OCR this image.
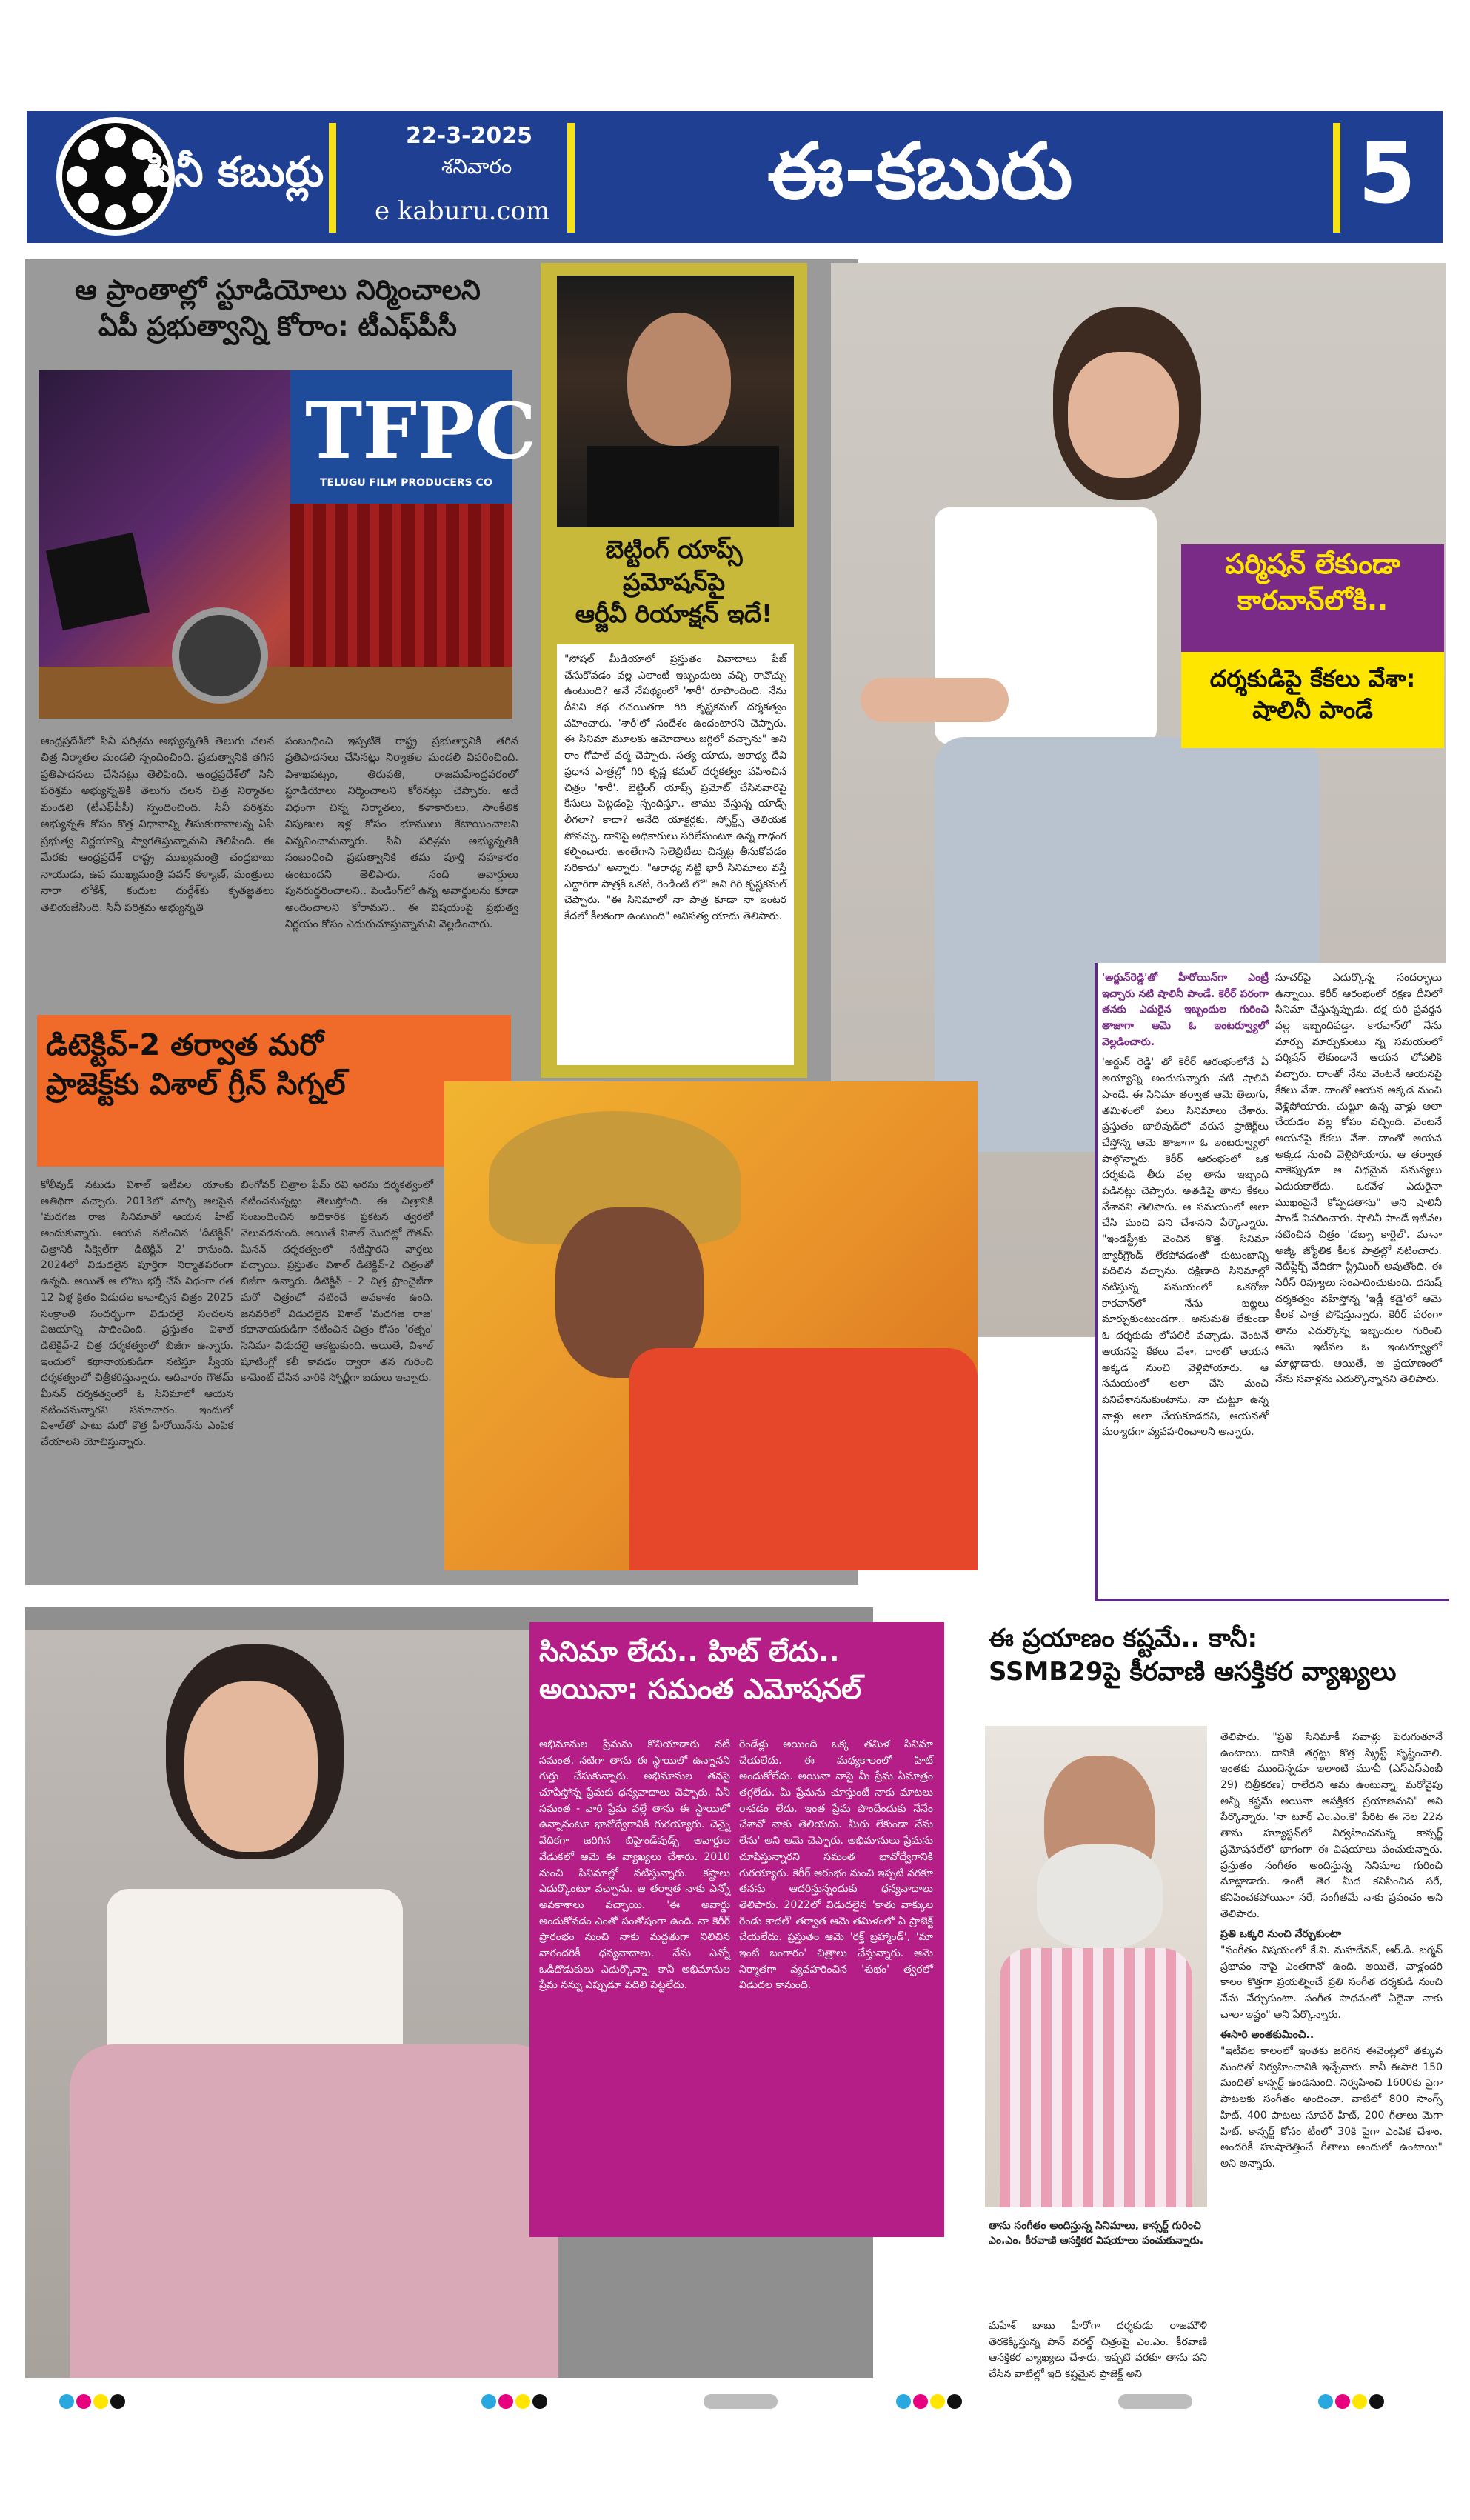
సినీ కబుర్లు
22-3-2025
శనివారం
e kaburu.com	ఈ-కబురు	5
ఆ ప్రాంతాల్లో స్టూడియోలు నిర్మించాలని
ఏపీ ప్రభుత్వాన్ని కోరాం: టీఎఫ్‌పీసీ
TFPC
TELUGU FILM PRODUCERS CO
ఆంధ్రప్రదేశ్‌లో సినీ పరిశ్రమ అభ్యున్నతికి తెలుగు చలన చిత్ర నిర్మాతల మండలి స్పందించింది. ప్రభుత్వానికి తగిన ప్రతిపాదనలు చేసినట్లు తెలిపింది. ఆంధ్రప్రదేశ్‌లో సినీ పరిశ్రమ అభ్యున్నతికి తెలుగు చలన చిత్ర నిర్మాతల మండలి (టీఎఫ్‌పీసీ) స్పందించింది. సినీ పరిశ్రమ అభ్యున్నతి కోసం కొత్త విధానాన్ని తీసుకురావాలన్న ఏపీ ప్రభుత్వ నిర్ణయాన్ని స్వాగతిస్తున్నామని తెలిపింది. ఈ మేరకు ఆంధ్రప్రదేశ్ రాష్ట్ర ముఖ్యమంత్రి చంద్రబాబు నాయుడు, ఉప ముఖ్యమంత్రి పవన్ కళ్యాణ్, మంత్రులు నారా లోకేశ్, కందుల దుర్గేశ్‌కు కృతజ్ఞతలు తెలియజేసింది. సినీ పరిశ్రమ అభ్యున్నతి
సంబంధించి ఇప్పటికే రాష్ట్ర ప్రభుత్వానికి తగిన ప్రతిపాదనలు చేసినట్లు నిర్మాతల మండలి వివరించింది. విశాఖపట్నం, తిరుపతి, రాజమహేంద్రవరంలో స్టూడియోలు నిర్మించాలని కోరినట్లు చెప్పారు. అదే విధంగా చిన్న నిర్మాతలు, కళాకారులు, సాంకేతిక నిపుణుల ఇళ్ల కోసం భూములు కేటాయించాలని విన్నవించామన్నారు. సినీ పరిశ్రమ అభ్యున్నతికి సంబంధించి ప్రభుత్వానికి తమ పూర్తి సహకారం ఉంటుందని తెలిపారు. నంది అవార్డులు పునరుద్ధరించాలని.. పెండింగ్‌లో ఉన్న అవార్డులను కూడా అందించాలని కోరామని.. ఈ విషయంపై ప్రభుత్వ నిర్ణయం కోసం ఎదురుచూస్తున్నామని వెల్లడించారు.
బెట్టింగ్ యాప్స్
ప్రమోషన్‌పై
ఆర్జీవీ రియాక్షన్ ఇదే!
"సోషల్ మీడియాలో ప్రస్తుతం వివాదాలు పేజ్ చేసుకోవడం వల్ల ఎలాంటి ఇబ్బందులు వచ్చి రావొచ్చు ఉంటుంది? అనే నేపథ్యంలో 'శారీ' రూపొందింది. నేను దీనిని కథ రచయితగా గిరి కృష్ణకమల్ దర్శకత్వం వహించారు. 'శారీ'లో సందేశం ఉందంటారని చెప్పారు. ఈ సినిమా మూలకు ఆమోదాలు జగ్గిలో వచ్చాను" అని రాం గోపాల్ వర్మ చెప్పారు. సత్య యాదు, ఆరాధ్య దేవి ప్రధాన పాత్రల్లో గిరి కృష్ణ కమల్ దర్శకత్వం వహించిన చిత్రం 'శారీ'. బెట్టింగ్ యాప్స్ ప్రమోట్ చేసినవారిపై కేసులు పెట్టడంపై స్పందిస్తూ.. తాము చేస్తున్న యాడ్స్ లీగలా? కాదా? అనేది యాక్టర్లకు, స్పోర్ట్స్ తెలియక పోవచ్చు. దానిపై అధికారులు సరిలేసుంటూ ఉన్న గాఢంగ కల్పించారు. అంతేగాని సెలెబ్రిటీలు చిన్నట్ల తీసుకోవడం సరికాదు" అన్నారు. "ఆరాధ్య నట్టి భారీ సినిమాలు వస్తే ఎద్దారిగా పాత్రకి ఒకటి, రెండింటి లో" అని గిరి కృష్ణకమల్ చెప్పారు. "ఈ సినిమాలో నా పాత్ర కూడా నా ఇంటర కేదలో కీలకంగా ఉంటుంది" అనిసత్య యాదు తెలిపారు.
పర్మిషన్ లేకుండా
కారవాన్‌లోకి..
దర్శకుడిపై కేకలు వేశా:
షాలినీ పాండే
'అర్జున్‌రెడ్డి'తో హీరోయిన్‌గా ఎంట్రీ ఇచ్చారు నటి షాలినీ పాండే. కెరీర్ పరంగా తనకు ఎదురైన ఇబ్బందుల గురించి తాజాగా ఆమె ఓ ఇంటర్వ్యూలో వెల్లడించారు.
'అర్జున్ రెడ్డి' తో కెరీర్ ఆరంభంలోనే ఏ అయ్యాన్ని అందుకున్నారు నటి షాలినీ పాండే. ఈ సినిమా తర్వాత ఆమె తెలుగు, తమిళంలో పలు సినిమాలు చేశారు. ప్రస్తుతం బాలీవుడ్‌లో వరుస ప్రాజెక్ట్‌లు చేస్తోన్న ఆమె తాజాగా ఓ ఇంటర్వ్యూలో పాల్గొన్నారు. కెరీర్ ఆరంభంలో ఒక దర్శకుడి తీరు వల్ల తాను ఇబ్బంది పడినట్లు చెప్పారు. అతడిపై తాను కేకలు వేశానని తెలిపారు. ఆ సమయంలో అలా చేసి మంచి పని చేశానని పేర్కొన్నారు. "ఇండస్ట్రీకు వెంచిన కొత్త. సినిమా బ్యాక్‌గ్రౌండ్ లేకపోవడంతో కుటుంబాన్ని వదిలిన వచ్చాను. దక్షిణాది సినిమాల్లో నటిస్తున్న సమయంలో ఒకరోజు కారవాన్‌లో నేను బట్టలు మార్చుకుంటుండగా.. అనుమతి లేకుండా ఓ దర్శకుడు లోపలికి వచ్చాడు. వెంటనే ఆయనపై కేకలు వేశా. దాంతో ఆయన అక్కడ నుంచి వెళ్లిపోయారు. ఆ సమయంలో అలా చేసి మంచి పనిచేశాననుకుంటాను. నా చుట్టూ ఉన్న వాళ్లు అలా చేయకూడదని, ఆయనతో మర్యాదగా వ్యవహరించాలని అన్నారు.
సూచర్‌పై ఎదుర్కొన్న సందర్భాలు ఉన్నాయి. కెరీర్ ఆరంభంలో రక్షణ దీనిలో సినిమా చేస్తున్నప్పుడు. దక్ష కురి ప్రవర్తన వల్ల ఇబ్బందిపడ్డా. కారవాన్‌లో నేను మార్పు మార్చుకుంటు న్న సమయంలో పర్మిషన్ లేకుండానే ఆయన లోపలికి వచ్చారు. దాంతో నేను వెంటనే ఆయనపై కేకలు వేశా. దాంతో ఆయన అక్కడ నుంచి వెళ్లిపోయారు. చుట్టూ ఉన్న వాళ్లు అలా చేయడం వల్ల కోపం వచ్చింది. వెంటనే ఆయనపై కేకలు వేశా. దాంతో ఆయన అక్కడ నుంచి వెళ్లిపోయారు. ఆ తర్వాత నాకెప్పుడూ ఆ విధమైన సమస్యలు ఎదురుకాలేదు. ఒకవేళ ఎదురైనా ముఖంపైనే కోప్పడతాను" అని షాలినీ పాండే వివరించారు. షాలినీ పాండే ఇటీవల నటించిన చిత్రం 'డబ్బా కార్టెల్'. మానా అజ్మీ, జ్యోతిక కీలక పాత్రల్లో నటించారు. నెట్‌ఫ్లిక్స్ వేదికగా స్ట్రీమింగ్ అవుతోంది. ఈ సిరీస్ రివ్యూలు సంపాదించుకుంది. ధనుష్ దర్శకత్వం వహిస్తోన్న 'ఇడ్లీ కడై'లో ఆమె కీలక పాత్ర పోషిస్తున్నారు. కెరీర్ పరంగా తాను ఎదుర్కొన్న ఇబ్బందుల గురించి ఆమె ఇటీవల ఓ ఇంటర్వ్యూలో మాట్లాడారు. ఆయితే, ఆ ప్రయాణంలో నేను సవాళ్లను ఎదుర్కొన్నానని తెలిపారు.
డిటెక్టివ్-2 తర్వాత మరో
ప్రాజెక్ట్‌కు విశాల్ గ్రీన్ సిగ్నల్
కోలీవుడ్ నటుడు విశాల్ ఇటీవల యాంకు అతిథిగా వచ్చారు. 2013లో మార్చి ఆలసైన 'మదగజ రాజ' సినిమాతో ఆయన హిట్ అందుకున్నారు. ఆయన నటించిన 'డిటెక్టివ్' చిత్రానికి సీక్వెల్‌గా 'డిటెక్టివ్ 2' రానుంది. 2024లో విడుదలైన పూర్తిగా నిర్మాతపరంగా ఉన్నది. ఆయితే ఆ లోటు భర్తీ చేసే విధంగా గత 12 ఏళ్ల క్రితం విడుదల కావాల్సిన చిత్రం 2025 సంక్రాంతి సందర్భంగా విడుదలై సంచలన విజయాన్ని సాధించింది. ప్రస్తుతం విశాల్ డిటెక్టివ్-2 చిత్ర దర్శకత్వంలో బిజీగా ఉన్నారు. ఇందులో కథానాయకుడిగా నటిస్తూ స్వీయ దర్శకత్వంలో చిత్రీకరిస్తున్నారు. ఆదివారం గౌతమ్ మీనన్ దర్శకత్వంలో ఓ సినిమాలో ఆయన నటించనున్నారని సమాచారం. ఇందులో విశాల్‌తో పాటు మరో కొత్త హీరోయిన్‌ను ఎంపిక చేయాలని యోచిస్తున్నారు.
బింగోవర్ చిత్రాల ఫేమ్ రవి అరసు దర్శకత్వంలో నటించనున్నట్లు తెలుస్తోంది. ఈ చిత్రానికి సంబంధించిన అధికారిక ప్రకటన త్వరలో వెలువడనుంది. ఆయితే విశాల్ మొదట్లో గౌతమ్ మీనన్ దర్శకత్వంలో నటిస్తారని వార్తలు వచ్చాయి. ప్రస్తుతం విశాల్ డిటెక్టివ్-2 చిత్రంతో బిజీగా ఉన్నారు. డిటెక్టివ్ - 2 చిత్ర ఫ్రాంచైజ్‌గా మరో చిత్రంలో నటించే అవకాశం ఉంది. జనవరిలో విడుదలైన విశాల్ 'మదగజ రాజ' కథానాయకుడిగా నటించిన చిత్రం కోసం 'రత్నం' సినిమా విడుదలై ఆకట్టుకుంది. ఆయితే, విశాల్ షూటింగ్లో కలీ కావడం ద్వారా తన గురించి కామెంట్ చేసిన వారికి స్పోర్టీగా బదులు ఇచ్చారు.
సినిమా లేదు.. హిట్ లేదు..
అయినా: సమంత ఎమోషనల్
అభిమానుల ప్రేమను కొనియాడారు నటి సమంత. నటిగా తాను ఈ స్థాయిలో ఉన్నానని గుర్తు చేసుకున్నారు. అభిమానుల తనపై చూపిస్తోన్న ప్రేమకు ధన్యవాదాలు చెప్పారు. సినీ సమంత - వారి ప్రేమ వల్లే తాను ఈ స్థాయిలో ఉన్నానంటూ భావోద్వేగానికి గురయ్యారు. చెన్నై వేదికగా జరిగిన బిహైండ్‌వుడ్స్ అవార్డుల వేడుకలో ఆమె ఈ వ్యాఖ్యలు చేశారు. 2010 నుంచి సినిమాల్లో నటిస్తున్నారు. కష్టాలు ఎదుర్కొంటూ వచ్చాను. ఆ తర్వాత నాకు ఎన్నో అవకాశాలు వచ్చాయి. 'ఈ అవార్డు అందుకోవడం ఎంతో సంతోషంగా ఉంది. నా కెరీర్ ప్రారంభం నుంచి నాకు మద్దతుగా నిలిచిన వారందరికీ ధన్యవాదాలు. నేను ఎన్నో ఒడిదొడుకులు ఎదుర్కొన్నా. కానీ అభిమానుల ప్రేమ నన్ను ఎప్పుడూ వదిలి పెట్టలేదు.
రెండేళ్లు అయింది ఒక్క తమిళ సినిమా చేయలేదు. ఈ మధ్యకాలంలో హిట్ అందుకోలేదు. అయినా నాపై మీ ప్రేమ ఏమాత్రం తగ్గలేదు. మీ ప్రేమను చూస్తుంటే నాకు మాటలు రావడం లేదు. ఇంత ప్రేమ పొందేందుకు నేనేం చేశానో నాకు తెలియదు. మీరు లేకుండా నేను లేను' అని ఆమె చెప్పారు. అభిమానులు ప్రేమను చూపిస్తున్నారని సమంత భావోద్వేగానికి గురయ్యారు. కెరీర్ ఆరంభం నుంచి ఇప్పటి వరకూ తనను ఆదరిస్తున్నందుకు ధన్యవాదాలు తెలిపారు. 2022లో విడుదలైన 'కాతు వాక్కుల రెండు కాదల్' తర్వాత ఆమె తమిళంలో ఏ ప్రాజెక్ట్ చేయలేదు. ప్రస్తుతం ఆమె 'రక్త్ బ్రహ్మాండ్', 'మా ఇంటి బంగారం' చిత్రాలు చేస్తున్నారు. ఆమె నిర్మాతగా వ్యవహరించిన 'శుభం' త్వరలో విడుదల కానుంది.
ఈ ప్రయాణం కష్టమే.. కానీ:
SSMB29పై కీరవాణి ఆసక్తికర వ్యాఖ్యలు
తాను సంగీతం అందిస్తున్న సినిమాలు, కాన్సర్ట్ గురించి ఎం.ఎం. కీరవాణి ఆసక్తికర విషయాలు పంచుకున్నారు.
మహేశ్ బాబు హీరోగా దర్శకుడు రాజమౌళి తెరకెక్కిస్తున్న పాన్ వరల్డ్ చిత్రంపై ఎం.ఎం. కీరవాణి ఆసక్తికర వ్యాఖ్యలు చేశారు. ఇప్పటి వరకూ తాను పని చేసిన వాటిల్లో ఇది కష్టమైన ప్రాజెక్ట్ అని
తెలిపారు. "ప్రతి సినిమాకీ సవాళ్లు పెరుగుతూనే ఉంటాయి. దానికి తగ్గట్టు కొత్త స్క్రిప్ట్ సృష్టించాలి. ఇంతకు ముందెన్నడూ ఇలాంటి మూవీ (ఎస్‌ఎస్‌ఎంబీ 29) చిత్రీకరణ) రాలేదని ఆమ ఉంటున్నా. మరోవైపు అన్నీ కష్టమే అయినా ఆసక్తికర ప్రయాణమని" అని పేర్కొన్నారు. 'నా టూర్ ఎం.ఎం.కె' పేరిట ఈ నెల 22న తాను హ్యూస్టన్‌లో నిర్వహించనున్న కాన్సర్ట్ ప్రమోషనల్‌లో భాగంగా ఈ విషయాలు పంచుకున్నారు. ప్రస్తుతం సంగీతం అందిస్తున్న సినిమాల గురించి మాట్లాడారు. ఉంటే తెర మీద కనిపించిన సరే, కనిపించకపోయినా సరే, సంగీతమే నాకు ప్రపంచం అని తెలిపారు.
ప్రతి ఒక్కరి నుంచి నేర్చుకుంటా
"సంగీతం విషయంలో కే.వి. మహదేవన్, ఆర్.డి. బర్మన్ ప్రభావం నాపై ఎంతగానో ఉంది. అయితే, వాళ్లందరి కాలం కొత్తగా ప్రయత్నించే ప్రతి సంగీత దర్శకుడి నుంచి నేను నేర్చుకుంటా. సంగీత సాధనంలో ఏదైనా నాకు చాలా ఇష్టం" అని పేర్కొన్నారు.
ఈసారి అంతకుమించి..
"ఇటీవల కాలంలో ఇంతకు జరిగిన ఈవెంట్లలో తక్కువ మందితో నిర్వహించానికి ఇచ్చేవారు. కానీ ఈసారి 150 మందితో కాన్సర్ట్ ఉండనుంది. నిర్వహించి 1600కు పైగా పాటలకు సంగీతం అందించా. వాటిలో 800 సాంగ్స్ హిట్. 400 పాటలు సూపర్ హిట్, 200 గీతాలు మెగా హిట్. కాన్సర్ట్ కోసం టీంలో 30కి పైగా ఎంపిక చేశాం. అందరికీ హుషారెత్తించే గీతాలు అందులో ఉంటాయి" అని అన్నారు.
